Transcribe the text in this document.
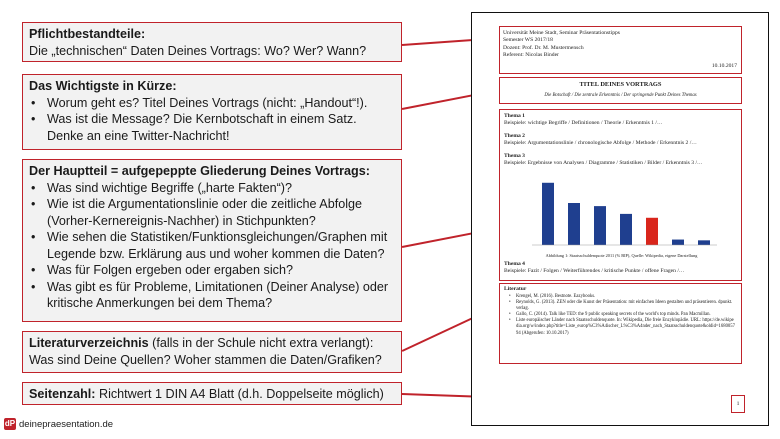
Pflichtbestandteile:
Die „technischen“ Daten Deines Vortrags: Wo? Wer? Wann?
Das Wichtigste in Kürze:
• Worum geht es? Titel Deines Vortrags (nicht: „Handout“!).
• Was ist die Message? Die Kernbotschaft in einem Satz. Denke an eine Twitter-Nachricht!
Der Hauptteil = aufgepeppte Gliederung Deines Vortrags:
• Was sind wichtige Begriffe („harte Fakten“)?
• Wie ist die Argumentationslinie oder die zeitliche Abfolge (Vorher-Kernereignis-Nachher) in Stichpunkten?
• Wie sehen die Statistiken/Funktionsgleichungen/Graphen mit Legende bzw. Erklärung aus und woher kommen die Daten?
• Was für Folgen ergeben oder ergaben sich?
• Was gibt es für Probleme, Limitationen (Deiner Analyse) oder kritische Anmerkungen bei dem Thema?
Literaturverzeichnis (falls in der Schule nicht extra verlangt):
Was sind Deine Quellen? Woher stammen die Daten/Grafiken?
Seitenzahl: Richtwert 1 DIN A4 Blatt (d.h. Doppelseite möglich)
Universität Meine Stadt, Seminar Präsentationstipps
Semester WS 2017/18
Dozent: Prof. Dr. M. Mustermensch
Referent: Nicolas Binder
10.10.2017
TITEL DEINES VORTRAGS
Die Botschaft / Die zentrale Erkenntnis / Der springende Punkt Deines Themas
Thema 1
Beispiele: wichtige Begriffe / Definitionen / Theorie / Erkenntnis 1 /…
Thema 2
Beispiele: Argumentationslinie / chronologische Abfolge / Methode / Erkenntnis 2 /…
Thema 3
Beispiele: Ergebnisse von Analysen / Diagramme / Statistiken / Bilder / Erkenntnis 3 /…
Abbildung 1: Staatsschuldenquote 2011 (% BIP), Quelle: Wikipedia, eigene Darstellung
Thema 4
Beispiele: Fazit / Folgen / Weiterführendes / kritische Punkte / offene Fragen /…
Literatur
• Krengel, M. (2016). Bestnote. Eazybooks.
• Reynolds, G. (2013). ZEN oder die Kunst der Präsentation: mit einfachen Ideen gestalten und präsentieren. dpunkt. verlag.
• Gallo, C. (2014). Talk like TED: the 9 public speaking secrets of the world's top minds. Pan Macmillan.
• Liste europäischer Länder nach Staatsschuldenquote. In: Wikipedia, Die freie Enzyklopädie. URL: https://de.wikipedia.org/w/index.php?title=Liste_europ%C3%A4ischer_L%C3%A4nder_nach_Staatsschuldenquote&oldid=168005794 (Abgerufen: 10.10.2017)
1
dP deinepraesentation.de
